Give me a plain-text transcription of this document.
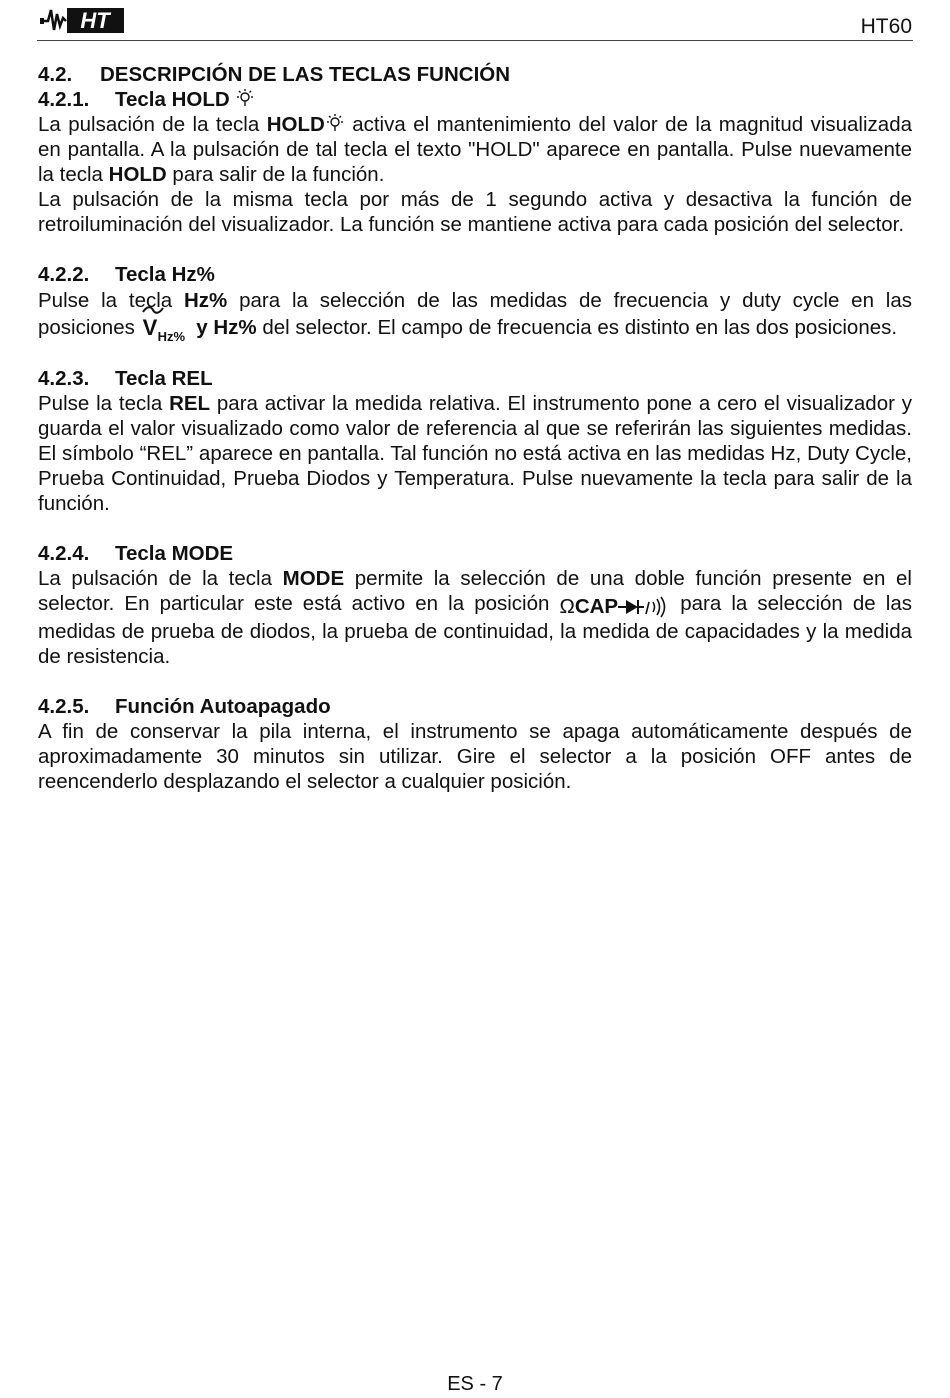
HT	HT60
4.2. DESCRIPCIÓN DE LAS TECLAS FUNCIÓN
4.2.1. Tecla HOLD

La pulsación de la tecla HOLD activa el mantenimiento del valor de la magnitud visualizada en pantalla. A la pulsación de tal tecla el texto "HOLD" aparece en pantalla. Pulse nuevamente la tecla HOLD para salir de la función.

La pulsación de la misma tecla por más de 1 segundo activa y desactiva la función de retroiluminación del visualizador. La función se mantiene activa para cada posición del selector.

4.2.2. Tecla Hz%

Pulse la tecla Hz% para la selección de las medidas de frecuencia y duty cycle en las posiciones V Hz% y Hz% del selector. El campo de frecuencia es distinto en las dos posiciones.

4.2.3. Tecla REL

Pulse la tecla REL para activar la medida relativa. El instrumento pone a cero el visualizador y guarda el valor visualizado como valor de referencia al que se referirán las siguientes medidas. El símbolo “REL” aparece en pantalla. Tal función no está activa en las medidas Hz, Duty Cycle, Prueba Continuidad, Prueba Diodos y Temperatura. Pulse nuevamente la tecla para salir de la función.

4.2.4. Tecla MODE

La pulsación de la tecla MODE permite la selección de una doble función presente en el selector. En particular este está activo en la posición Ω CAP	para la selección de las medidas de prueba de diodos, la prueba de continuidad, la medida de capacidades y la medida de resistencia.

4.2.5. Función Autoapagado

A fin de conservar la pila interna, el instrumento se apaga automáticamente después de aproximadamente 30 minutos sin utilizar. Gire el selector a la posición OFF antes de reencenderlo desplazando el selector a cualquier posición.

ES - 7
